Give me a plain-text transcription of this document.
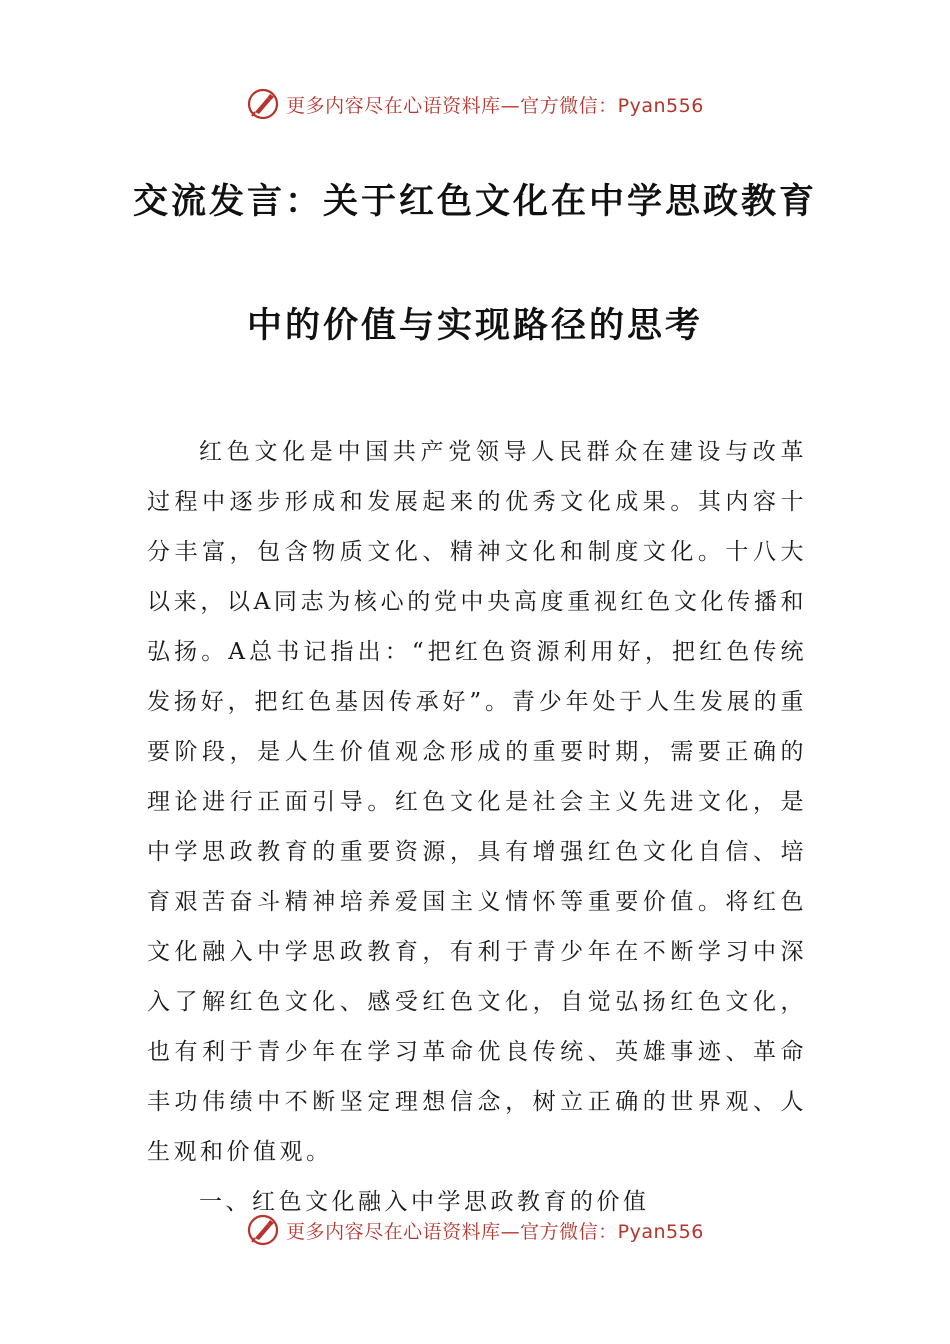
更多内容尽在心语资料库—官方微信：Pyan556
交流发言：关于红色文化在中学思政教育
中的价值与实现路径的思考

红色文化是中国共产党领导人民群众在建设与改革过程中逐步形成和发展起来的优秀文化成果。其内容十分丰富，包含物质文化、精神文化和制度文化。十八大以来，以A同志为核心的党中央高度重视红色文化传播和弘扬。A总书记指出：“把红色资源利用好，把红色传统发扬好，把红色基因传承好”。青少年处于人生发展的重要阶段，是人生价值观念形成的重要时期，需要正确的理论进行正面引导。红色文化是社会主义先进文化，是中学思政教育的重要资源，具有增强红色文化自信、培育艰苦奋斗精神培养爱国主义情怀等重要价值。将红色文化融入中学思政教育，有利于青少年在不断学习中深入了解红色文化、感受红色文化，自觉弘扬红色文化，也有利于青少年在学习革命优良传统、英雄事迹、革命丰功伟绩中不断坚定理想信念，树立正确的世界观、人生观和价值观。

一、红色文化融入中学思政教育的价值

更多内容尽在心语资料库—官方微信：Pyan556
